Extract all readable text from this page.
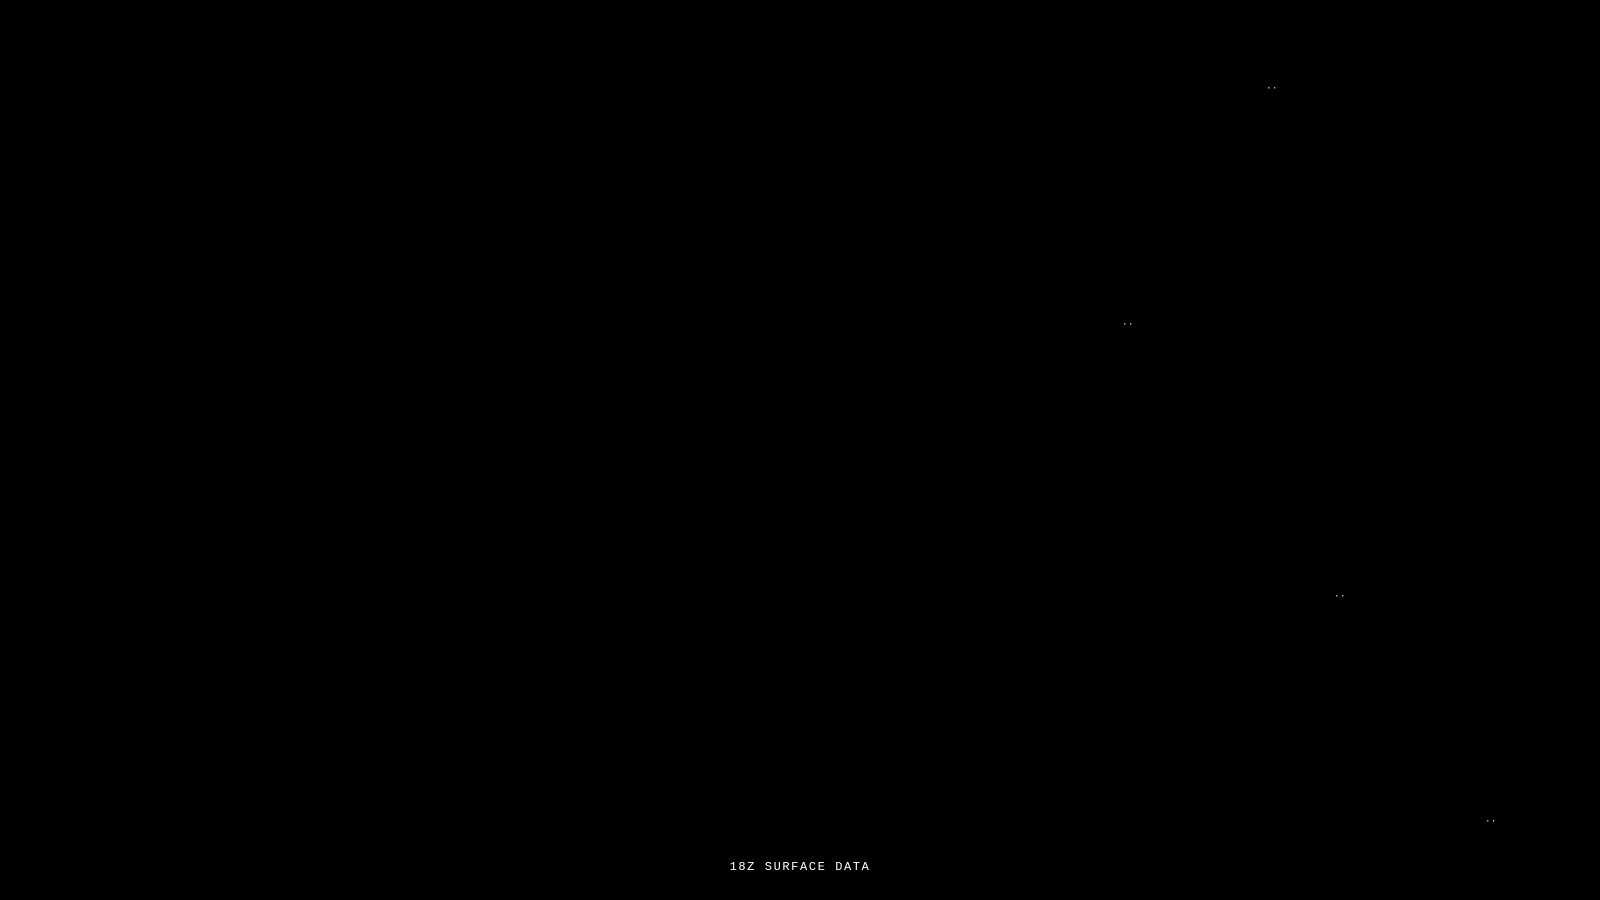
..
..
..
..
18Z SURFACE DATA
